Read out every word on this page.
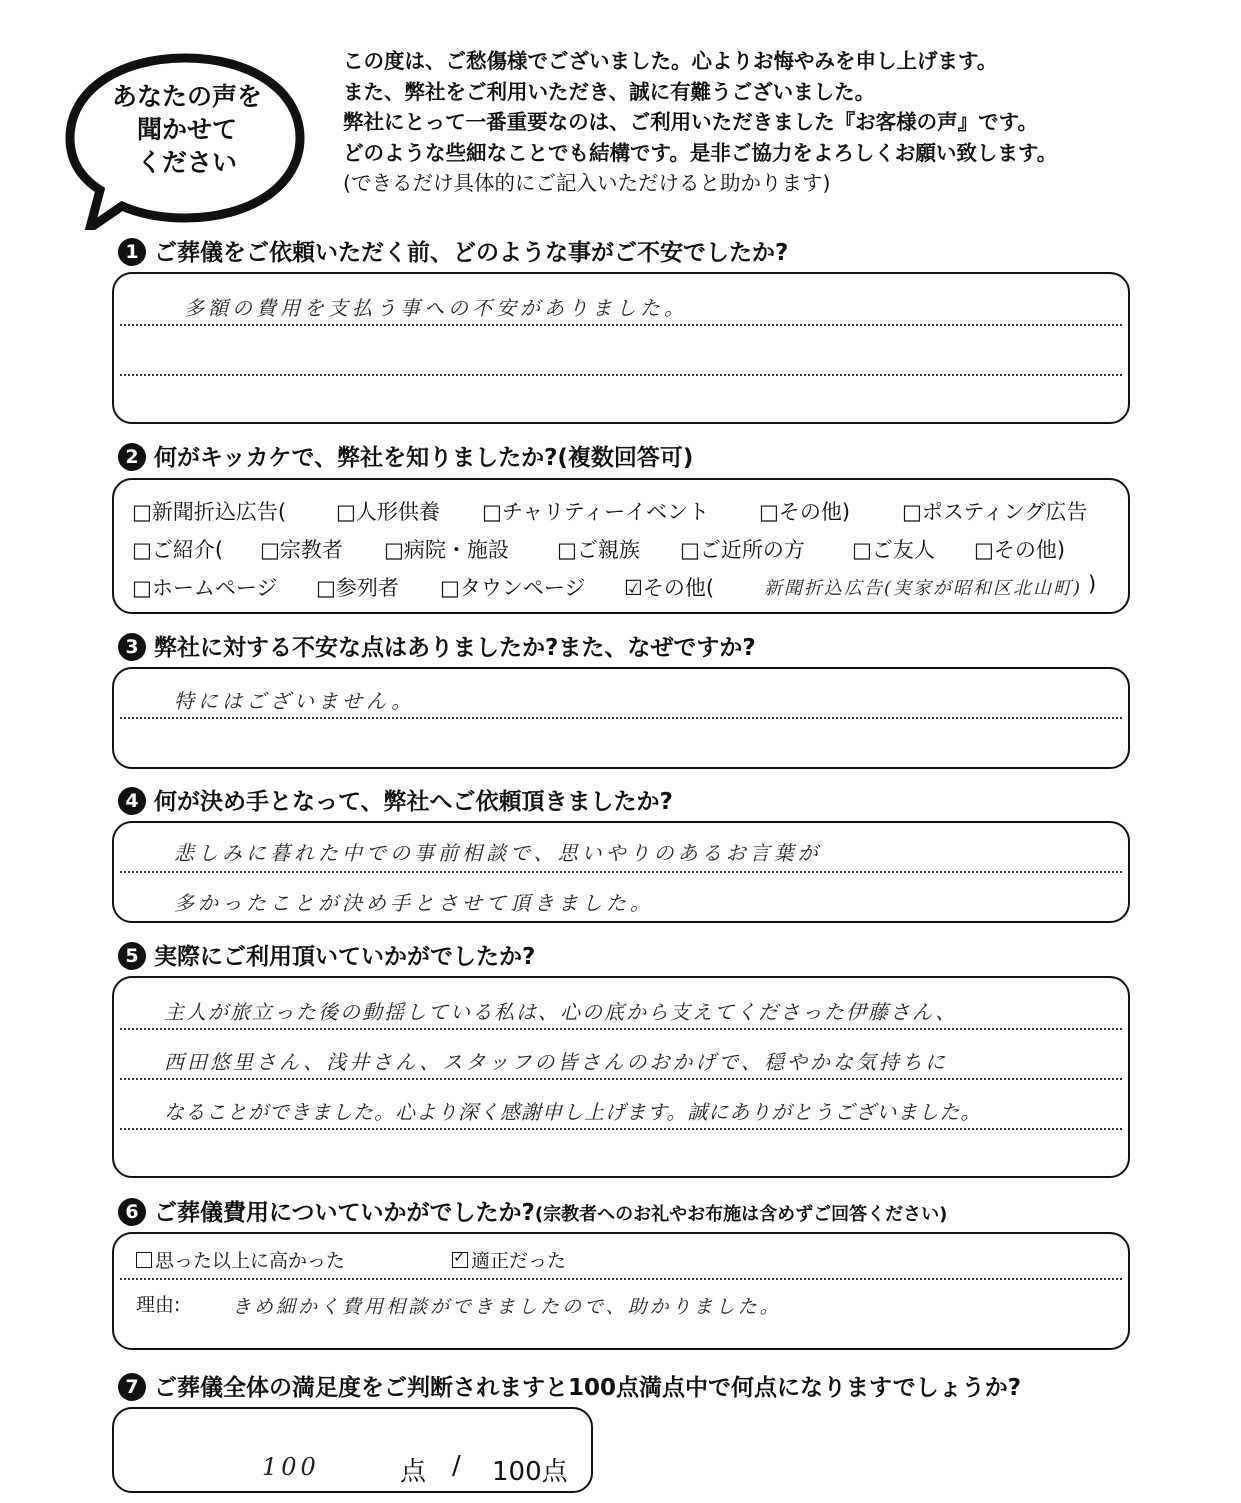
あなたの声を
聞かせて
ください
この度は、ご愁傷様でございました。心よりお悔やみを申し上げます。
また、弊社をご利用いただき、誠に有難うございました。
弊社にとって一番重要なのは、ご利用いただきました『お客様の声』です。
どのような些細なことでも結構です。是非ご協力をよろしくお願い致します。
(できるだけ具体的にご記入いただけると助かります)
1 ご葬儀をご依頼いただく前、どのような事がご不安でしたか?
多額の費用を支払う事への不安がありました。
2 何がキッカケで、弊社を知りましたか?(複数回答可)
□新聞折込広告( □人形供養 □チャリティーイベント □その他) □ポスティング広告
□ご紹介( □宗教者 □病院・施設 □ご親族 □ご近所の方 □ご友人 □その他)
□ホームページ □参列者 □タウンページ ☑その他(	新聞折込広告(実家が昭和区北山町) )
3 弊社に対する不安な点はありましたか?また、なぜですか?
特にはございません。
4 何が決め手となって、弊社へご依頼頂きましたか?
悲しみに暮れた中での事前相談で、思いやりのあるお言葉が
多かったことが決め手とさせて頂きました。
5 実際にご利用頂いていかがでしたか?
主人が旅立った後の動揺している私は、心の底から支えてくださった伊藤さん、
西田悠里さん、浅井さん、スタッフの皆さんのおかげで、穏やかな気持ちに
なることができました。心より深く感謝申し上げます。誠にありがとうございました。
6 ご葬儀費用についていかがでしたか?(宗教者へのお礼やお布施は含めずご回答ください)
思った以上に高かった
✓	適正だった
理由:	きめ細かく費用相談ができましたので、助かりました。
7 ご葬儀全体の満足度をご判断されますと100点満点中で何点になりますでしょうか?
100	点 / 100点
